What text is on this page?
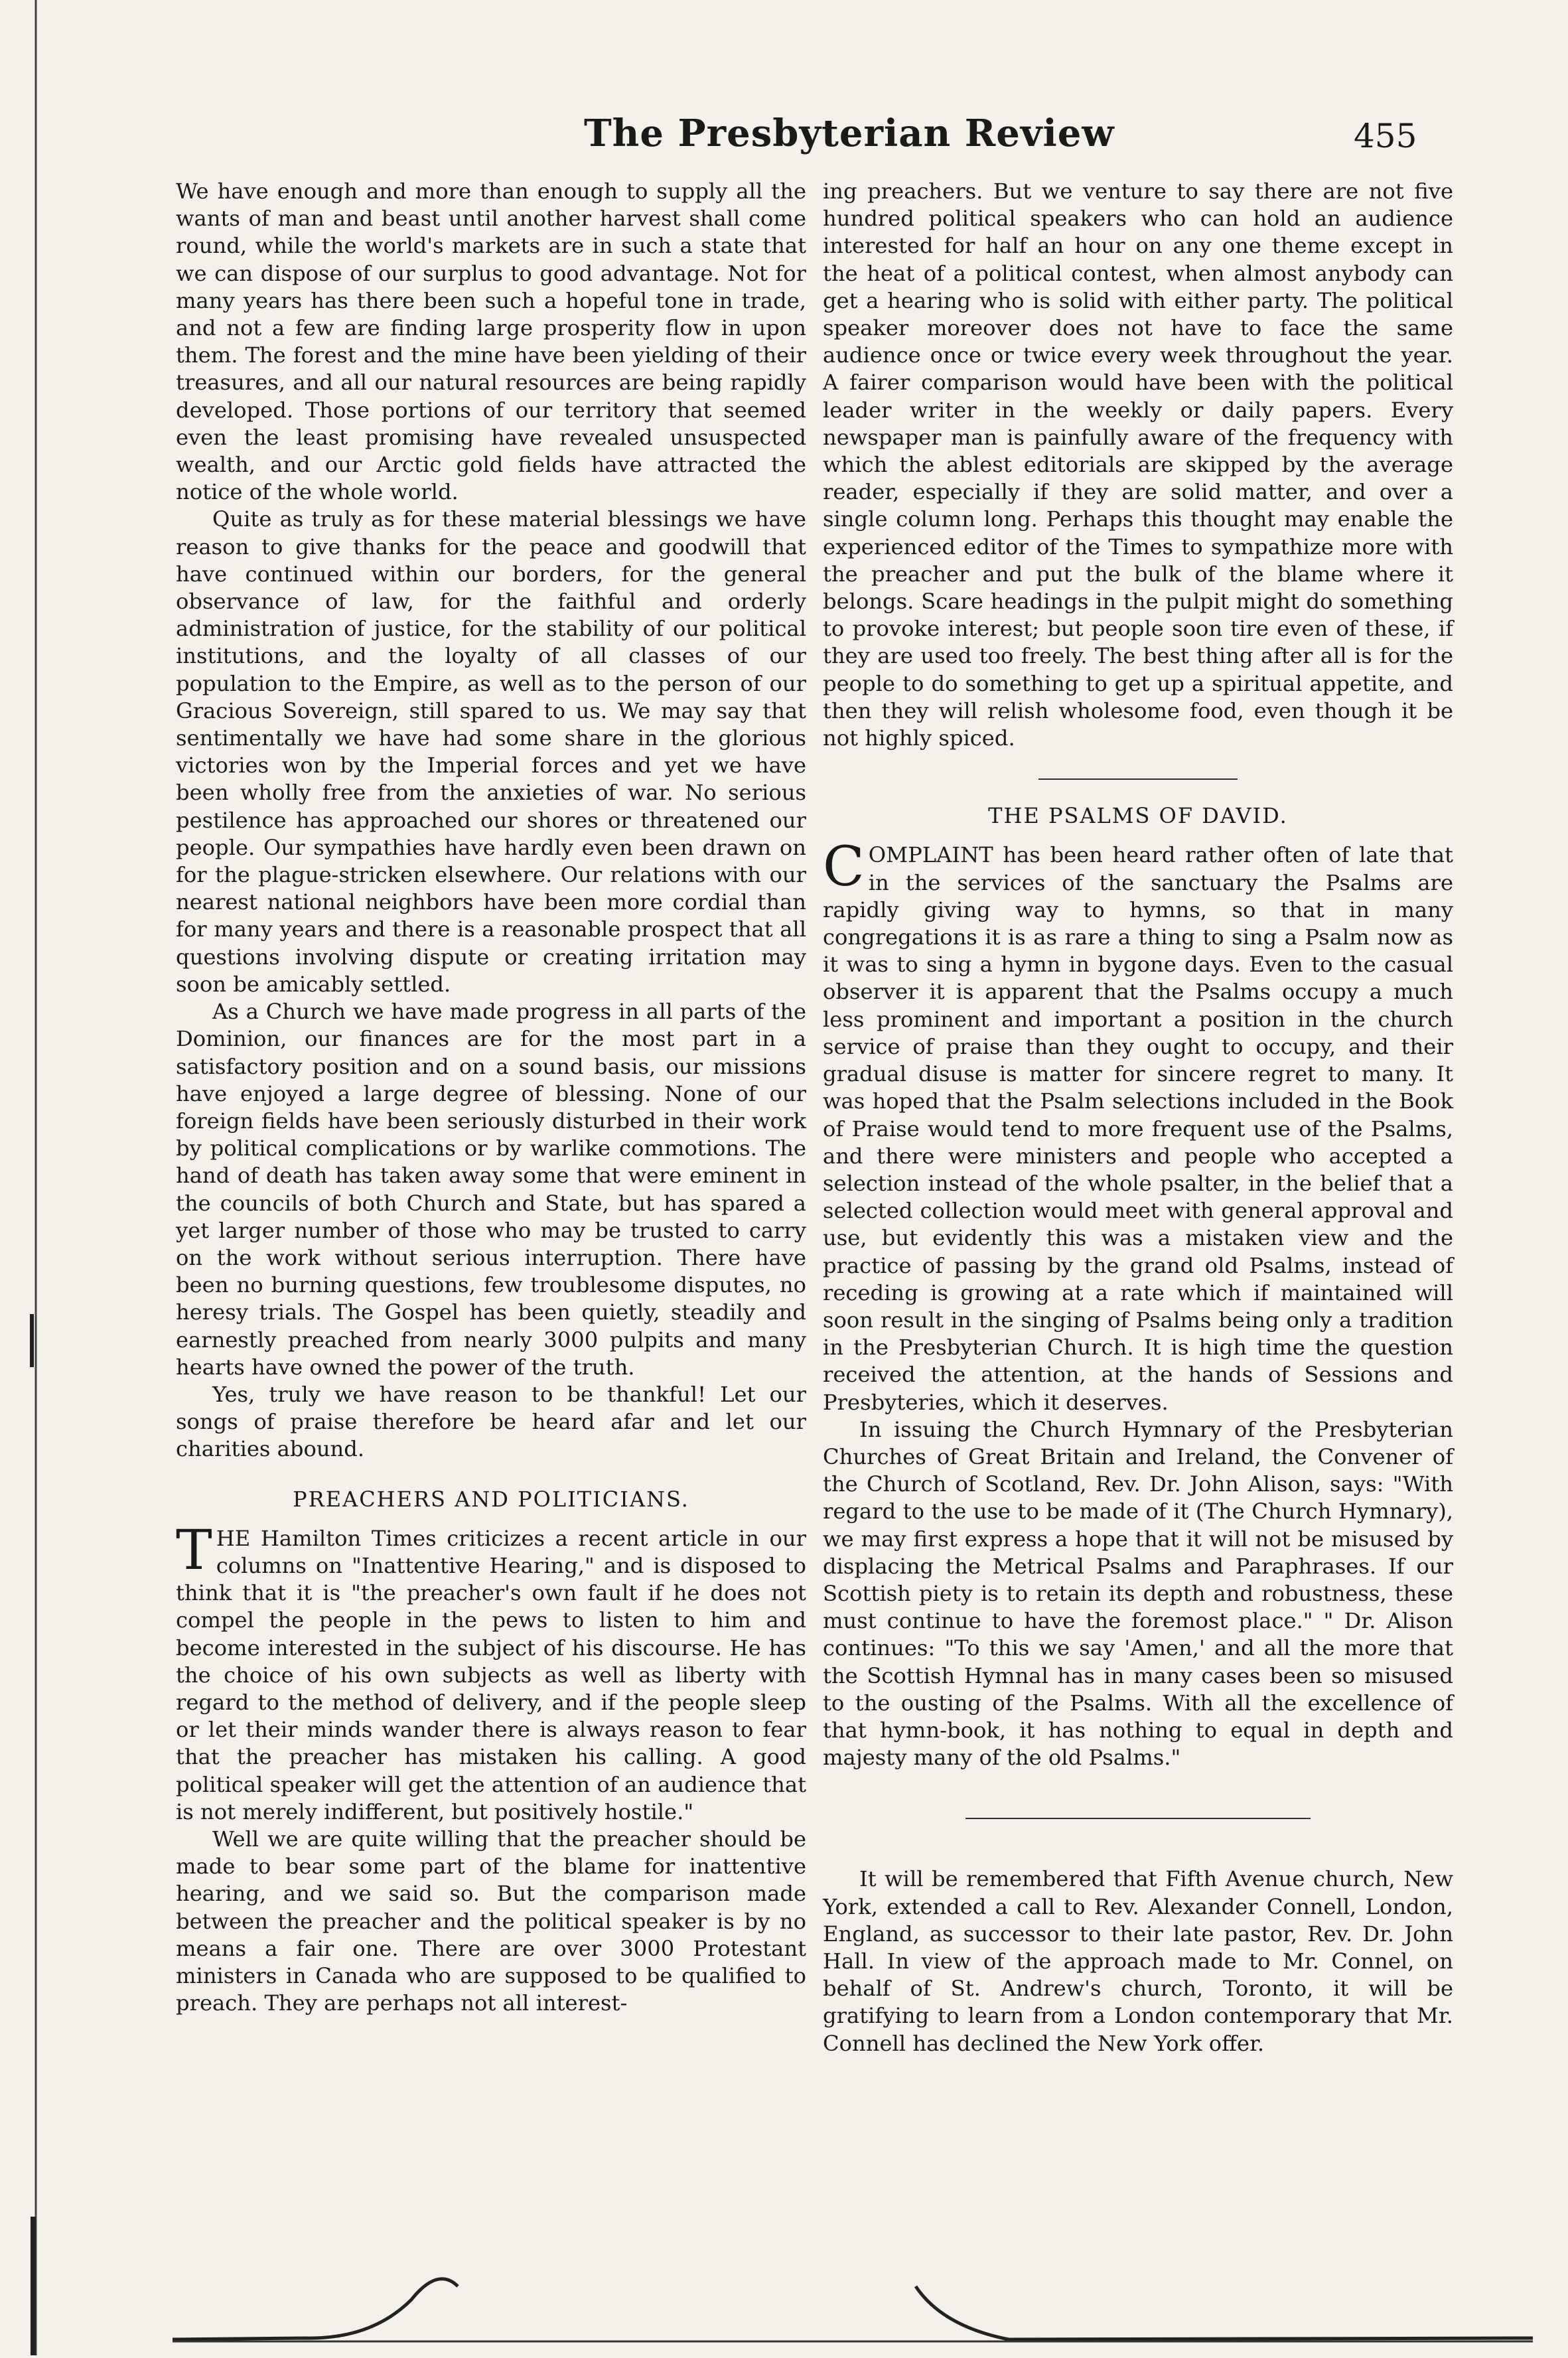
The Presbyterian Review	455

We have enough and more than enough to supply all the wants of man and beast until another harvest shall come round, while the world's markets are in such a state that we can dispose of our surplus to good advantage. Not for many years has there been such a hopeful tone in trade, and not a few are finding large prosperity flow in upon them. The forest and the mine have been yielding of their treasures, and all our natural resources are being rapidly developed. Those portions of our territory that seemed even the least promising have revealed unsuspected wealth, and our Arctic gold fields have attracted the notice of the whole world.

Quite as truly as for these material blessings we have reason to give thanks for the peace and goodwill that have continued within our borders, for the general observance of law, for the faithful and orderly administration of justice, for the stability of our political institutions, and the loyalty of all classes of our population to the Empire, as well as to the person of our Gracious Sovereign, still spared to us. We may say that sentimentally we have had some share in the glorious victories won by the Imperial forces and yet we have been wholly free from the anxieties of war. No serious pestilence has approached our shores or threatened our people. Our sympathies have hardly even been drawn on for the plague-stricken elsewhere. Our relations with our nearest national neighbors have been more cordial than for many years and there is a reasonable prospect that all questions involving dispute or creating irritation may soon be amicably settled.

As a Church we have made progress in all parts of the Dominion, our finances are for the most part in a satisfactory position and on a sound basis, our missions have enjoyed a large degree of blessing. None of our foreign fields have been seriously disturbed in their work by political complications or by warlike commotions. The hand of death has taken away some that were eminent in the councils of both Church and State, but has spared a yet larger number of those who may be trusted to carry on the work without serious interruption. There have been no burning questions, few troublesome disputes, no heresy trials. The Gospel has been quietly, steadily and earnestly preached from nearly 3000 pulpits and many hearts have owned the power of the truth.

Yes, truly we have reason to be thankful! Let our songs of praise therefore be heard afar and let our charities abound.

PREACHERS AND POLITICIANS.

T HE Hamilton Times criticizes a recent article in our columns on "Inattentive Hearing," and is disposed to think that it is "the preacher's own fault if he does not compel the people in the pews to listen to him and become interested in the subject of his discourse. He has the choice of his own subjects as well as liberty with regard to the method of delivery, and if the people sleep or let their minds wander there is always reason to fear that the preacher has mistaken his calling. A good political speaker will get the attention of an audience that is not merely indifferent, but positively hostile."

Well we are quite willing that the preacher should be made to bear some part of the blame for inattentive hearing, and we said so. But the comparison made between the preacher and the political speaker is by no means a fair one. There are over 3000 Protestant ministers in Canada who are supposed to be qualified to preach. They are perhaps not all interest-

ing preachers. But we venture to say there are not five hundred political speakers who can hold an audience interested for half an hour on any one theme except in the heat of a political contest, when almost anybody can get a hearing who is solid with either party. The political speaker moreover does not have to face the same audience once or twice every week throughout the year. A fairer comparison would have been with the political leader writer in the weekly or daily papers. Every newspaper man is painfully aware of the frequency with which the ablest editorials are skipped by the average reader, especially if they are solid matter, and over a single column long. Perhaps this thought may enable the experienced editor of the Times to sympathize more with the preacher and put the bulk of the blame where it belongs. Scare headings in the pulpit might do something to provoke interest; but people soon tire even of these, if they are used too freely. The best thing after all is for the people to do something to get up a spiritual appetite, and then they will relish wholesome food, even though it be not highly spiced.

THE PSALMS OF DAVID.

C OMPLAINT has been heard rather often of late that in the services of the sanctuary the Psalms are rapidly giving way to hymns, so that in many congregations it is as rare a thing to sing a Psalm now as it was to sing a hymn in bygone days. Even to the casual observer it is apparent that the Psalms occupy a much less prominent and important a position in the church service of praise than they ought to occupy, and their gradual disuse is matter for sincere regret to many. It was hoped that the Psalm selections included in the Book of Praise would tend to more frequent use of the Psalms, and there were ministers and people who accepted a selection instead of the whole psalter, in the belief that a selected collection would meet with general approval and use, but evidently this was a mistaken view and the practice of passing by the grand old Psalms, instead of receding is growing at a rate which if maintained will soon result in the singing of Psalms being only a tradition in the Presbyterian Church. It is high time the question received the attention, at the hands of Sessions and Presbyteries, which it deserves.

In issuing the Church Hymnary of the Presbyterian Churches of Great Britain and Ireland, the Convener of the Church of Scotland, Rev. Dr. John Alison, says: "With regard to the use to be made of it (The Church Hymnary), we may first express a hope that it will not be misused by displacing the Metrical Psalms and Paraphrases. If our Scottish piety is to retain its depth and robustness, these must continue to have the foremost place." " Dr. Alison continues: "To this we say 'Amen,' and all the more that the Scottish Hymnal has in many cases been so misused to the ousting of the Psalms. With all the excellence of that hymn-book, it has nothing to equal in depth and majesty many of the old Psalms."

It will be remembered that Fifth Avenue church, New York, extended a call to Rev. Alexander Connell, London, England, as successor to their late pastor, Rev. Dr. John Hall. In view of the approach made to Mr. Connel, on behalf of St. Andrew's church, Toronto, it will be gratifying to learn from a London contemporary that Mr. Connell has declined the New York offer.
